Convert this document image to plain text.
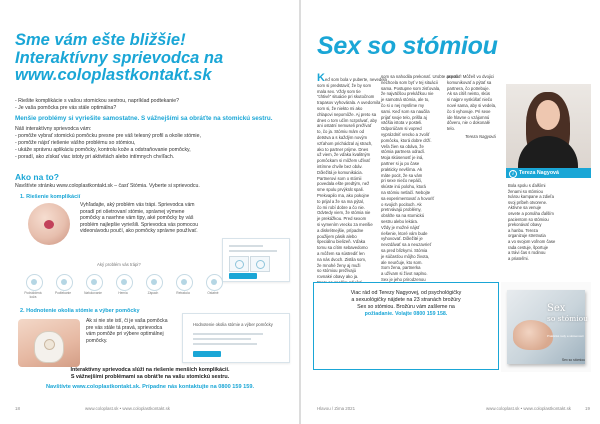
Sme vám ešte bližšie!
Interaktívny sprievodca na
www.coloplastkontakt.sk
- Riešite komplikácie s vašou stomickou sestrou, napríklad podtekanie?
- Je vaša pomôcka pre vás stále optimálna?
Menšie problémy si vyriešite samostatne. S vážnejšími sa obráťte na stomickú sestru.
Náš interaktívny sprievodca vám:
- pomôže vybrať stomickú pomôcku presne pre váš telesný profil a okolie stómie,
- pomôže nájsť riešenie vášho problému so stómiou,
- ukáže správnu aplikáciu pomôcky, kontrolu kože a odstraňovanie pomôcky,
- poradí, ako získať viac istoty pri aktivitách alebo intímnych chvíľach.
Ako na to?
Navštívte stránku www.coloplastkontakt.sk – časť Stómia. Vyberte si sprievodcu.
1. Riešenie komplikácií
Vyhľadajte, aký problém vás trápi. Sprievodca vám
poradí pri ošetrovaní stómie, správnej výmene
pomôcky a navrhne vám tipy, aké pomôcky by váš
problém najlepšie vyriešili. Sprievodca vás pomocou
videonávodu poučí, ako pomôcky správne používať.
Aký problém vás trápi?
Podráždená koža
Podtekanie	Nafukovanie	Hernia	Zápach	Retrakcia	Ostatné
2. Hodnotenie okolia stómie a výber pomôcky
Ak si nie ste istí, či je vaša pomôcka
pre vás stále tá pravá, sprievodca
vám pomôže pri výbere optimálnej
pomôcky.
Hodnotenie okolia stómie a výber pomôcky
Interaktívny sprievodca slúži na riešenie menších komplikácií.
S vážnejšími problémami sa obráťte na vašu stomickú sestru.
Navštívte www.coloplastkontakt.sk. Prípadne nás kontaktujte na 0800 159 159.
18	www.coloplast.sk • www.coloplastkontakt.sk
Sex so stómiou
Keď som bola v puberte, nevedela
som si predstaviť, že by som
mala sex. Vždy som tie
"chtivé" situácie pri skutočnom
trapasov vyhovárala. A uvedomila
som si, že niekto mi ako
chlapovi nepomôže. Aj preto sa
dnes o tom učím rozprávať, aby
ani ostatní nemuseli prežívať
to, čo ja. Stómiu mám od
detstva a s každým novým
vzťahom prichádzal aj strach,
ako to partner prijme. Dnes
už viem, že vďaka kvalitným
pomôckam si môžem užívať
intímne chvíle bez obáv.
Dôležitá je komunikácia.
Partnerovi som o stómii
povedala ešte predtým, než
sme spolu prvýkrát spali.
Prekvapilo ma, ako pokojne
to prijal a že sa ma pýtal,
čo mi robí dobre a čo nie.
Odvtedy viem, že stómia nie
je prekážkou. Pred sexom
si vymením vrecko za menšie
a diskrétnejšie, prípadne
použijem pásik alebo
špeciálnu bielizeň. Vďaka
tomu sa cítim sebavedomo
a môžem sa sústrediť len
na nás dvoch. Zistila som,
že mnohé ženy aj muži
so stómiou prežívajú
rovnaké obavy ako ja.
som sa nahodila prekonať. Urobte aspoň
nechcela som byť v tej situácii
sama. Postupne som zisťovala,
že najväčšou prekážkou nie
je samotná stómia, ale to,
čo si o nej myslíme my
sami. Keď som sa naučila
prijať svoje telo, prišla aj
väčšia istota v posteli.
Odporúčam si vopred
vyprázdniť vrecko a zvoliť
pomôcku, ktorá dobre drží.
Veľa žien sa obáva, že
stómia partnera odradí.
Moja skúsenosť je iná,
partner si ju po čase
prakticky nevšíma. Ak
máte pocit, že sa vám
pri sexe niečo nepáči,
skúste inú polohu, ktorá
na stómiu netlačí. Nebojte
sa experimentovať a hovoriť
o svojich pocitoch. Ak
pretrvávajú problémy,
obráťte sa na stomickú
sestru alebo lekára.
Vždy je možné nájsť
riešenie, ktoré vám bude
vyhovovať. Dôležité je
nevzdávať sa a neuzavrieť
sa pred blízkymi. Stómia
je súčasťou môjho života,
ale neurčuje, kto som.
Som žena, partnerka
a užívam si život naplno.
Sex je jeho prirodzenou
prestať! Môžeš vo dvojici
komunikovať a pýtať sa
partnera, čo potrebuje.
Ak sa cítiš neisto, skús
si najprv vyskúšať niečo
nové sama, aby si vedela,
čo ti vyhovuje. Pri sexe
ide hlavne o vzájomnú
dôveru, nie o dokonalé
telo.
Tereza Nagyová
i	Tereza Nagyová
Bola spolu s ďalšími
ženami so stómiou
tvárou kampane a zdieľa
svoj príbeh otvorene.
Aktívne sa venuje
osvete a pomáha ďalším
pacientom so stómiou
prekonávať obavy
a hanbu. Tereza
organizuje stretnutia
a vo svojom voľnom čase
rada cestuje, športuje
a trávi čas s rodinou
a priateľmi.
Viac rád od Terezy Nagyovej, od psychológičky
a sexuológičky nájdete na 23 stranách brožúry
Sex so stómiou. Brožúru vám zašleme na
požiadanie. Volajte 0800 159 158.	Sex
so stómiou
Praktické rady a skúsenosti
Sex so stómiou
Hlavou / Zima 2021	www.coloplast.sk • www.coloplastkontakt.sk	19
